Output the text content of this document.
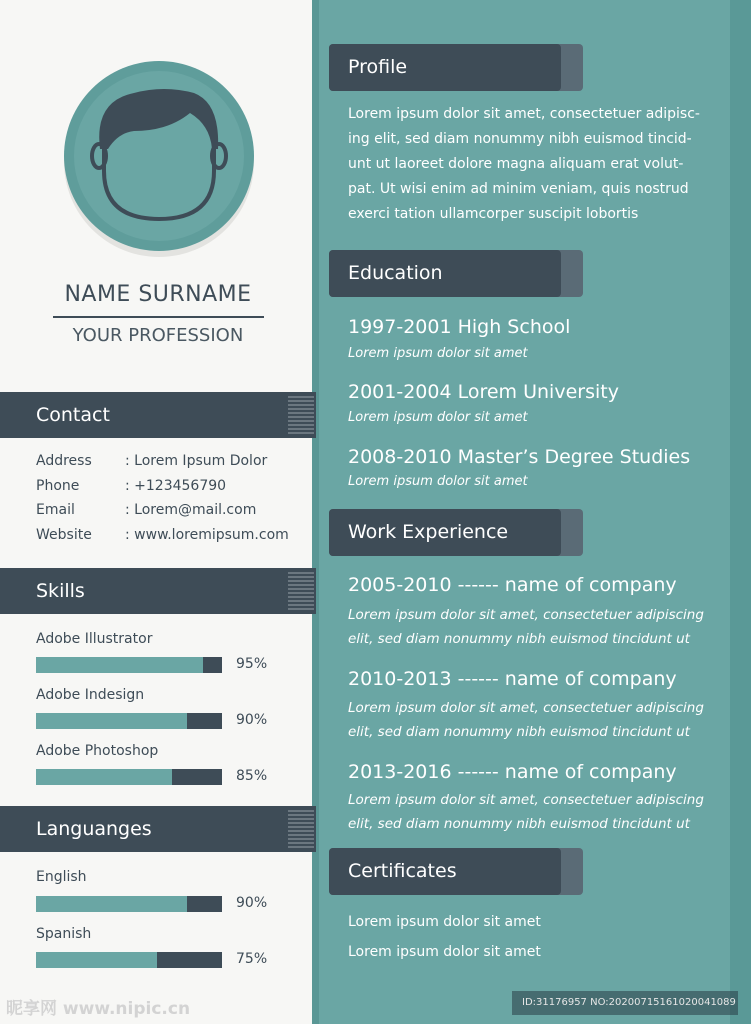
NAME SURNAME
YOUR PROFESSION
Contact
Address	: Lorem Ipsum Dolor
Phone	: +123456790
Email	: Lorem@mail.com
Website	: www.loremipsum.com
Skills
Adobe Illustrator
95%
Adobe Indesign
90%
Adobe Photoshop
85%
Languanges
English
90%
Spanish
75%
Profile
Lorem ipsum dolor sit amet, consectetuer adipisc-
ing elit, sed diam nonummy nibh euismod tincid-
unt ut laoreet dolore magna aliquam erat volut-
pat. Ut wisi enim ad minim veniam, quis nostrud
exerci tation ullamcorper suscipit lobortis
Education
1997-2001 High School
Lorem ipsum dolor sit amet
2001-2004 Lorem University
Lorem ipsum dolor sit amet
2008-2010 Master’s Degree Studies
Lorem ipsum dolor sit amet
Work Experience
2005-2010 ------ name of company
Lorem ipsum dolor sit amet, consectetuer adipiscing
elit, sed diam nonummy nibh euismod tincidunt ut
2010-2013 ------ name of company
Lorem ipsum dolor sit amet, consectetuer adipiscing
elit, sed diam nonummy nibh euismod tincidunt ut
2013-2016 ------ name of company
Lorem ipsum dolor sit amet, consectetuer adipiscing
elit, sed diam nonummy nibh euismod tincidunt ut
Certificates
Lorem ipsum dolor sit amet
Lorem ipsum dolor sit amet
昵享网 www.nipic.cn	ID:31176957 NO:20200715161020041089
